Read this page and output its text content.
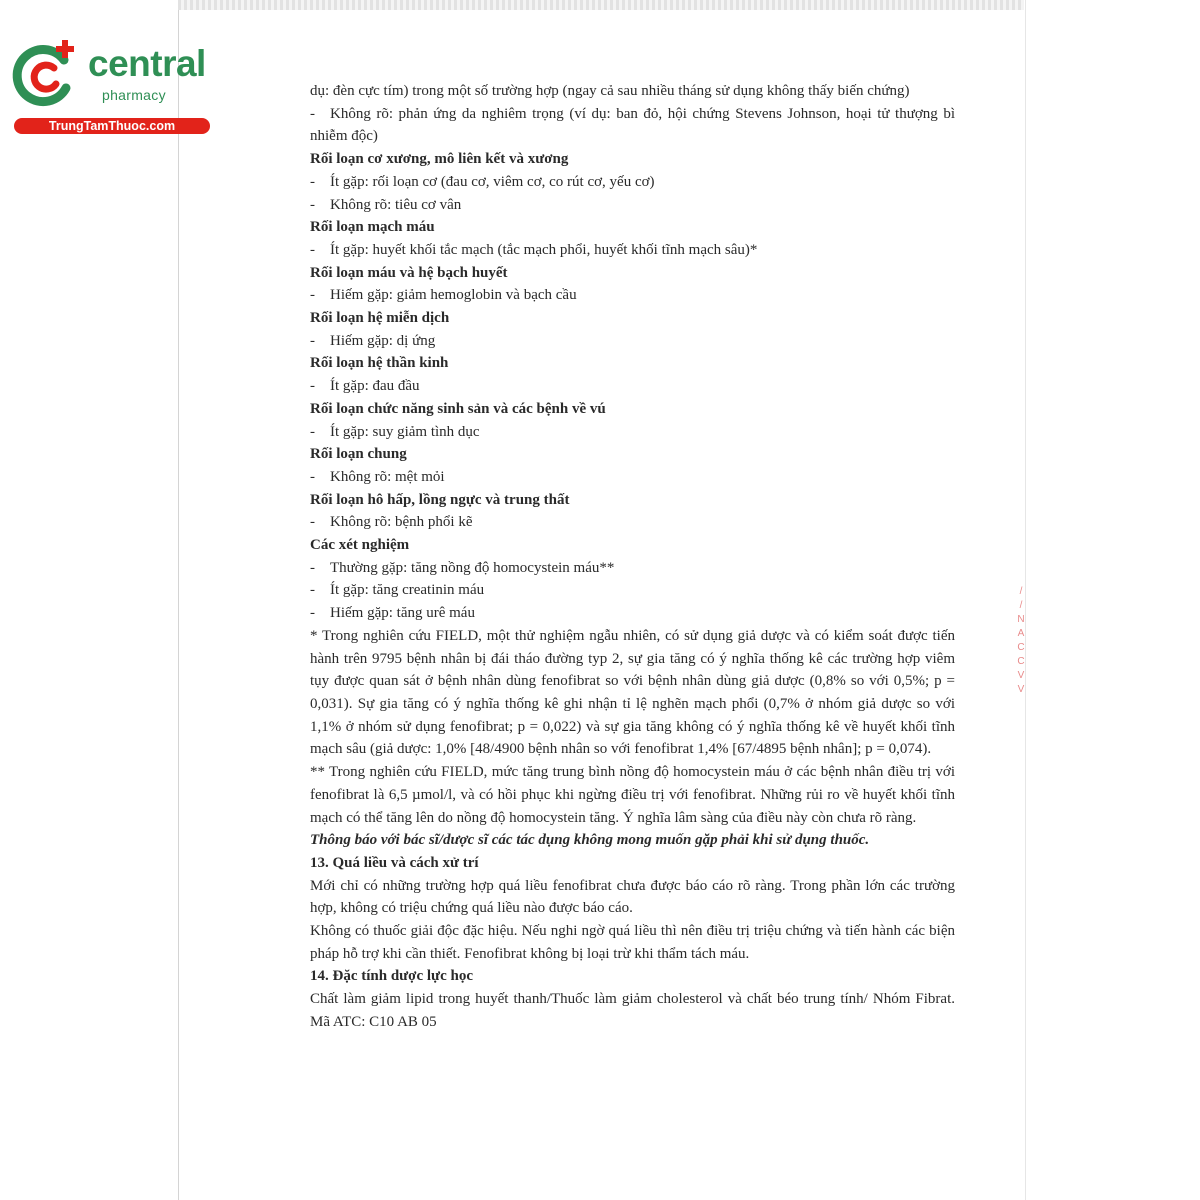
central
pharmacy
TrungTamThuoc.com

dụ: đèn cực tím) trong một số trường hợp (ngay cả sau nhiều tháng sử dụng không thấy biến chứng)

- Không rõ: phản ứng da nghiêm trọng (ví dụ: ban đỏ, hội chứng Stevens Johnson, hoại tử thượng bì nhiễm độc)

Rối loạn cơ xương, mô liên kết và xương

- Ít gặp: rối loạn cơ (đau cơ, viêm cơ, co rút cơ, yếu cơ)

- Không rõ: tiêu cơ vân

Rối loạn mạch máu

- Ít gặp: huyết khối tắc mạch (tắc mạch phổi, huyết khối tĩnh mạch sâu)*

Rối loạn máu và hệ bạch huyết

- Hiếm gặp: giảm hemoglobin và bạch cầu

Rối loạn hệ miễn dịch

- Hiếm gặp: dị ứng

Rối loạn hệ thần kinh

- Ít gặp: đau đầu

Rối loạn chức năng sinh sản và các bệnh về vú

- Ít gặp: suy giảm tình dục

Rối loạn chung

- Không rõ: mệt mỏi

Rối loạn hô hấp, lồng ngực và trung thất

- Không rõ: bệnh phổi kẽ

Các xét nghiệm

- Thường gặp: tăng nồng độ homocystein máu**

- Ít gặp: tăng creatinin máu

- Hiếm gặp: tăng urê máu

* Trong nghiên cứu FIELD, một thử nghiệm ngẫu nhiên, có sử dụng giả dược và có kiểm soát được tiến hành trên 9795 bệnh nhân bị đái tháo đường typ 2, sự gia tăng có ý nghĩa thống kê các trường hợp viêm tụy được quan sát ở bệnh nhân dùng fenofibrat so với bệnh nhân dùng giả dược (0,8% so với 0,5%; p = 0,031). Sự gia tăng có ý nghĩa thống kê ghi nhận tỉ lệ nghẽn mạch phổi (0,7% ở nhóm giả dược so với 1,1% ở nhóm sử dụng fenofibrat; p = 0,022) và sự gia tăng không có ý nghĩa thống kê về huyết khối tĩnh mạch sâu (giả dược: 1,0% [48/4900 bệnh nhân so với fenofibrat 1,4% [67/4895 bệnh nhân]; p = 0,074).

** Trong nghiên cứu FIELD, mức tăng trung bình nồng độ homocystein máu ở các bệnh nhân điều trị với fenofibrat là 6,5 µmol/l, và có hồi phục khi ngừng điều trị với fenofibrat. Những rủi ro về huyết khối tĩnh mạch có thể tăng lên do nồng độ homocystein tăng. Ý nghĩa lâm sàng của điều này còn chưa rõ ràng.

Thông báo với bác sĩ/dược sĩ các tác dụng không mong muốn gặp phải khi sử dụng thuốc.

13. Quá liều và cách xử trí

Mới chỉ có những trường hợp quá liều fenofibrat chưa được báo cáo rõ ràng. Trong phần lớn các trường hợp, không có triệu chứng quá liều nào được báo cáo.

Không có thuốc giải độc đặc hiệu. Nếu nghi ngờ quá liều thì nên điều trị triệu chứng và tiến hành các biện pháp hỗ trợ khi cần thiết. Fenofibrat không bị loại trừ khi thẩm tách máu.

14. Đặc tính dược lực học

Chất làm giảm lipid trong huyết thanh/Thuốc làm giảm cholesterol và chất béo trung tính/ Nhóm Fibrat. Mã ATC: C10 AB 05

/
/
N
A
C
C
V
V
